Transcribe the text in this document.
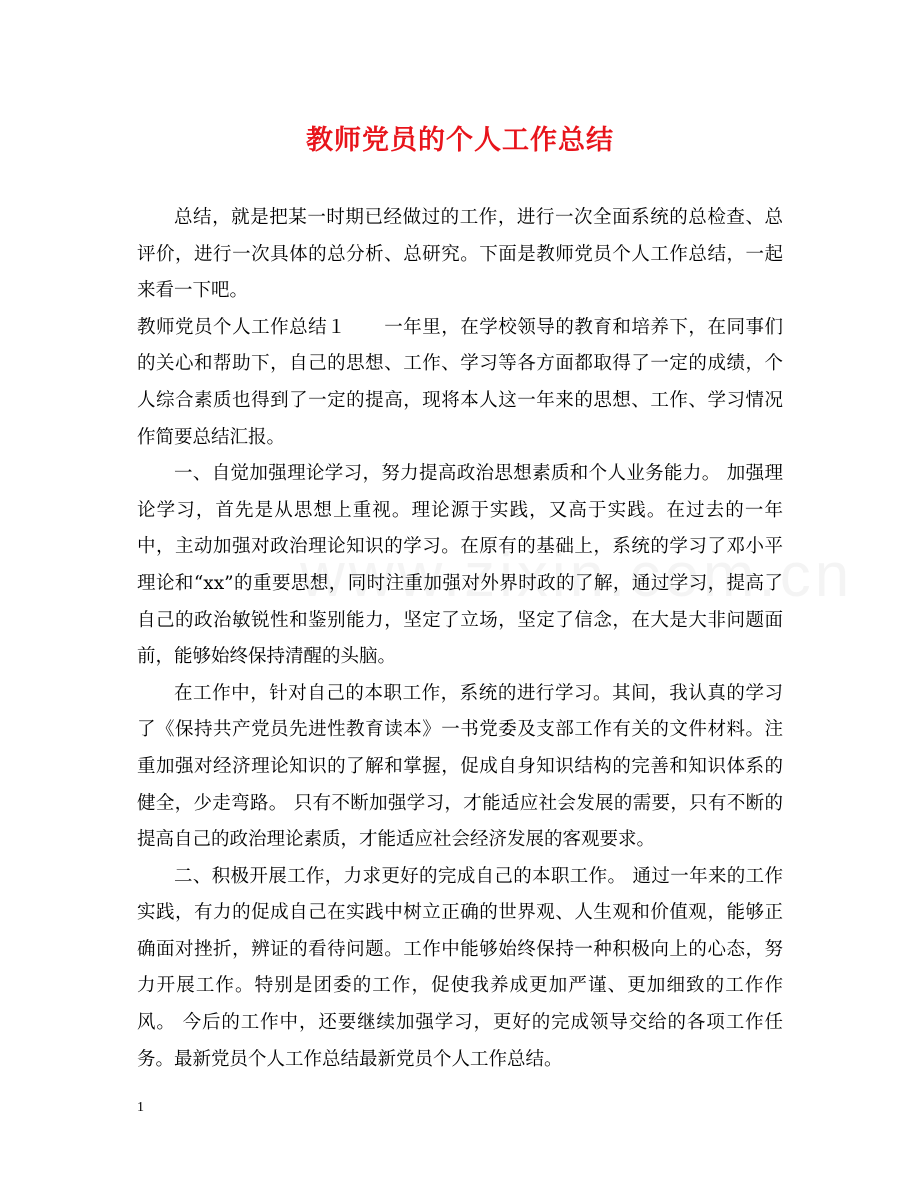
教师党员的个人工作总结

总结，就是把某一时期已经做过的工作，进行一次全面系统的总检查、总评价，进行一次具体的总分析、总研究。下面是教师党员个人工作总结，一起来看一下吧。

教师党员个人工作总结１　　一年里，在学校领导的教育和培养下，在同事们的关心和帮助下，自己的思想、工作、学习等各方面都取得了一定的成绩，个人综合素质也得到了一定的提高，现将本人这一年来的思想、工作、学习情况作简要总结汇报。

一、自觉加强理论学习，努力提高政治思想素质和个人业务能力。 加强理论学习，首先是从思想上重视。理论源于实践，又高于实践。在过去的一年中，主动加强对政治理论知识的学习。在原有的基础上，系统的学习了邓小平理论和“xx”的重要思想，同时注重加强对外界时政的了解，通过学习，提高了自己的政治敏锐性和鉴别能力，坚定了立场，坚定了信念，在大是大非问题面前，能够始终保持清醒的头脑。

在工作中，针对自己的本职工作，系统的进行学习。其间，我认真的学习了《保持共产党员先进性教育读本》一书党委及支部工作有关的文件材料。注重加强对经济理论知识的了解和掌握，促成自身知识结构的完善和知识体系的健全，少走弯路。 只有不断加强学习，才能适应社会发展的需要，只有不断的提高自己的政治理论素质，才能适应社会经济发展的客观要求。

二、积极开展工作，力求更好的完成自己的本职工作。 通过一年来的工作实践，有力的促成自己在实践中树立正确的世界观、人生观和价值观，能够正确面对挫折，辨证的看待问题。工作中能够始终保持一种积极向上的心态，努力开展工作。特别是团委的工作，促使我养成更加严谨、更加细致的工作作风。 今后的工作中，还要继续加强学习，更好的完成领导交给的各项工作任务。最新党员个人工作总结最新党员个人工作总结。

1
